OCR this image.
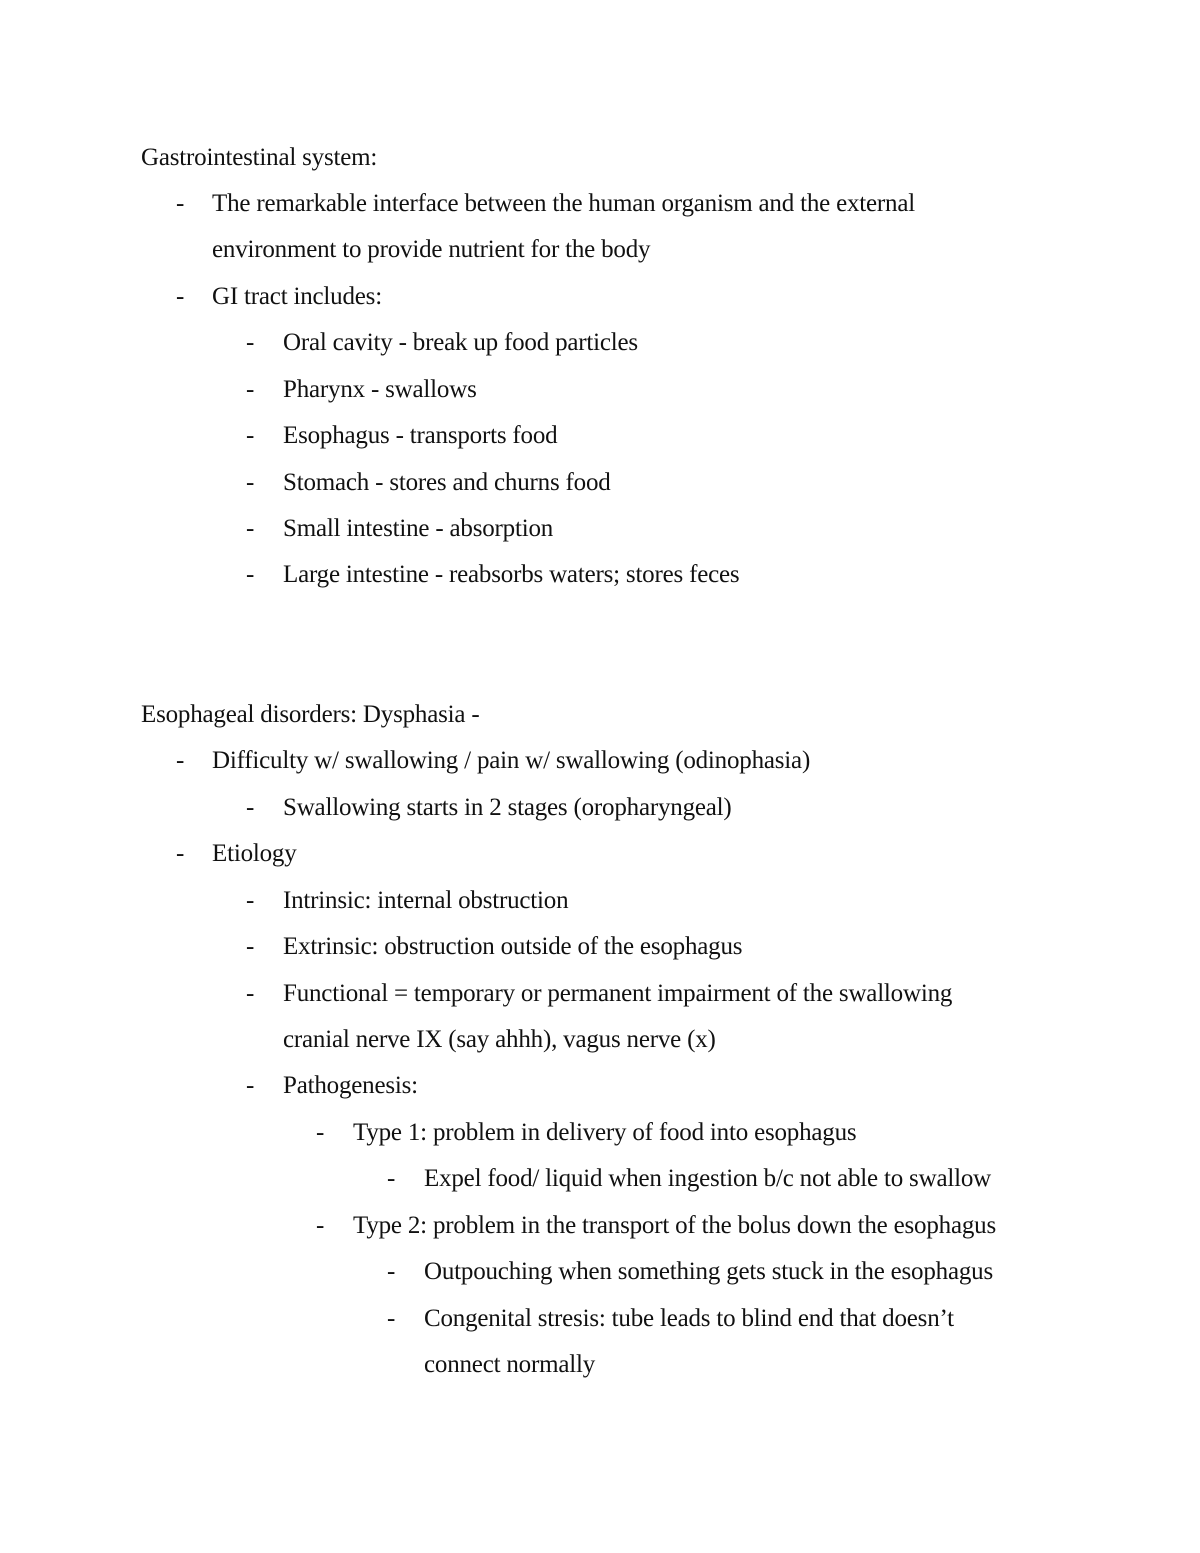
Gastrointestinal system:
- The remarkable interface between the human organism and the external
environment to provide nutrient for the body
- GI tract includes:
- Oral cavity - break up food particles
- Pharynx - swallows
- Esophagus - transports food
- Stomach - stores and churns food
- Small intestine - absorption
- Large intestine - reabsorbs waters; stores feces
Esophageal disorders: Dysphasia -
- Difficulty w/ swallowing / pain w/ swallowing (odinophasia)
- Swallowing starts in 2 stages (oropharyngeal)
- Etiology
- Intrinsic: internal obstruction
- Extrinsic: obstruction outside of the esophagus
- Functional = temporary or permanent impairment of the swallowing
cranial nerve IX (say ahhh), vagus nerve (x)
- Pathogenesis:
- Type 1: problem in delivery of food into esophagus
- Expel food/ liquid when ingestion b/c not able to swallow
- Type 2: problem in the transport of the bolus down the esophagus
- Outpouching when something gets stuck in the esophagus
- Congenital stresis: tube leads to blind end that doesn’t
connect normally
